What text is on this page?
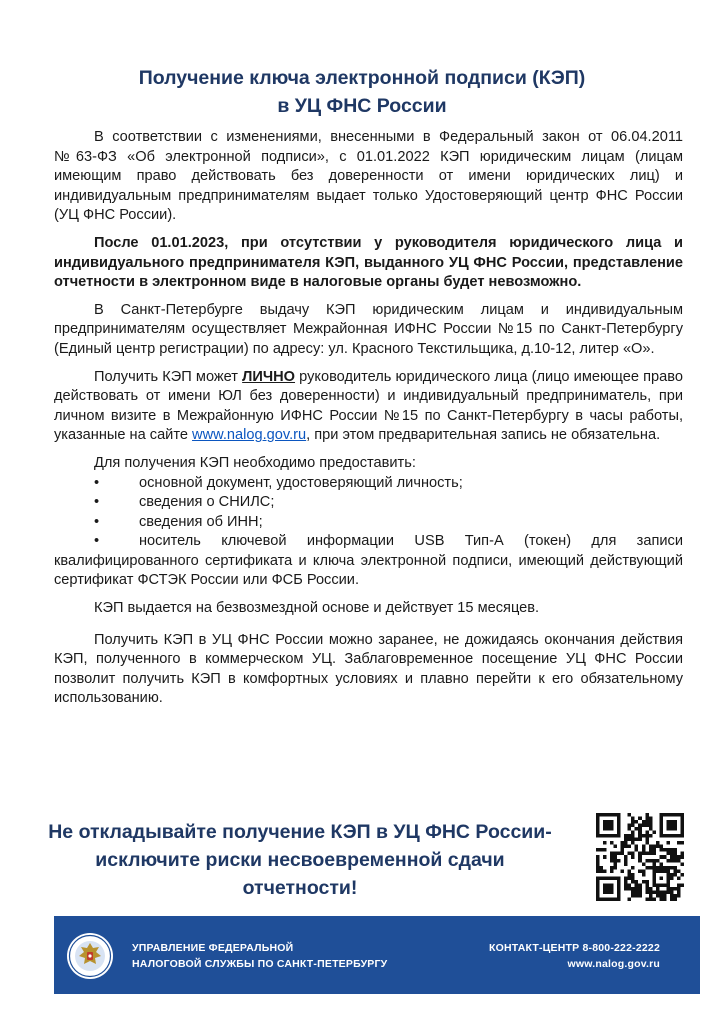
Получение ключа электронной подписи (КЭП)
в УЦ ФНС России

В соответствии с изменениями, внесенными в Федеральный закон от 06.04.2011 №63-ФЗ «Об электронной подписи», с 01.01.2022 КЭП юридическим лицам (лицам имеющим право действовать без доверенности от имени юридических лиц) и индивидуальным предпринимателям выдает только Удостоверяющий центр ФНС России (УЦ ФНС России).

После 01.01.2023, при отсутствии у руководителя юридического лица и индивидуального предпринимателя КЭП, выданного УЦ ФНС России, представление отчетности в электронном виде в налоговые органы будет невозможно.

В Санкт-Петербурге выдачу КЭП юридическим лицам и индивидуальным предпринимателям осуществляет Межрайонная ИФНС России №15 по Санкт-Петербургу (Единый центр регистрации) по адресу: ул. Красного Текстильщика, д.10-12, литер «О».

Получить КЭП может ЛИЧНО руководитель юридического лица (лицо имеющее право действовать от имени ЮЛ без доверенности) и индивидуальный предприниматель, при личном визите в Межрайонную ИФНС России №15 по Санкт-Петербургу в часы работы, указанные на сайте www.nalog.gov.ru, при этом предварительная запись не обязательна.

Для получения КЭП необходимо предоставить:

•	основной документ, удостоверяющий личность;
•	сведения о СНИЛС;
•	сведения об ИНН;
•	носитель ключевой информации USB Тип-А (токен) для записи квалифицированного сертификата и ключа электронной подписи, имеющий действующий сертификат ФСТЭК России или ФСБ России.

КЭП выдается на безвозмездной основе и действует 15 месяцев.

Получить КЭП в УЦ ФНС России можно заранее, не дожидаясь окончания действия КЭП, полученного в коммерческом УЦ. Заблаговременное посещение УЦ ФНС России позволит получить КЭП в комфортных условиях и плавно перейти к его обязательному использованию.

Не откладывайте получение КЭП в УЦ ФНС России-
исключите риски несвоевременной сдачи
отчетности!
УПРАВЛЕНИЕ ФЕДЕРАЛЬНОЙ
НАЛОГОВОЙ СЛУЖБЫ ПО САНКТ-ПЕТЕРБУРГУ
КОНТАКТ-ЦЕНТР 8-800-222-2222
www.nalog.gov.ru
